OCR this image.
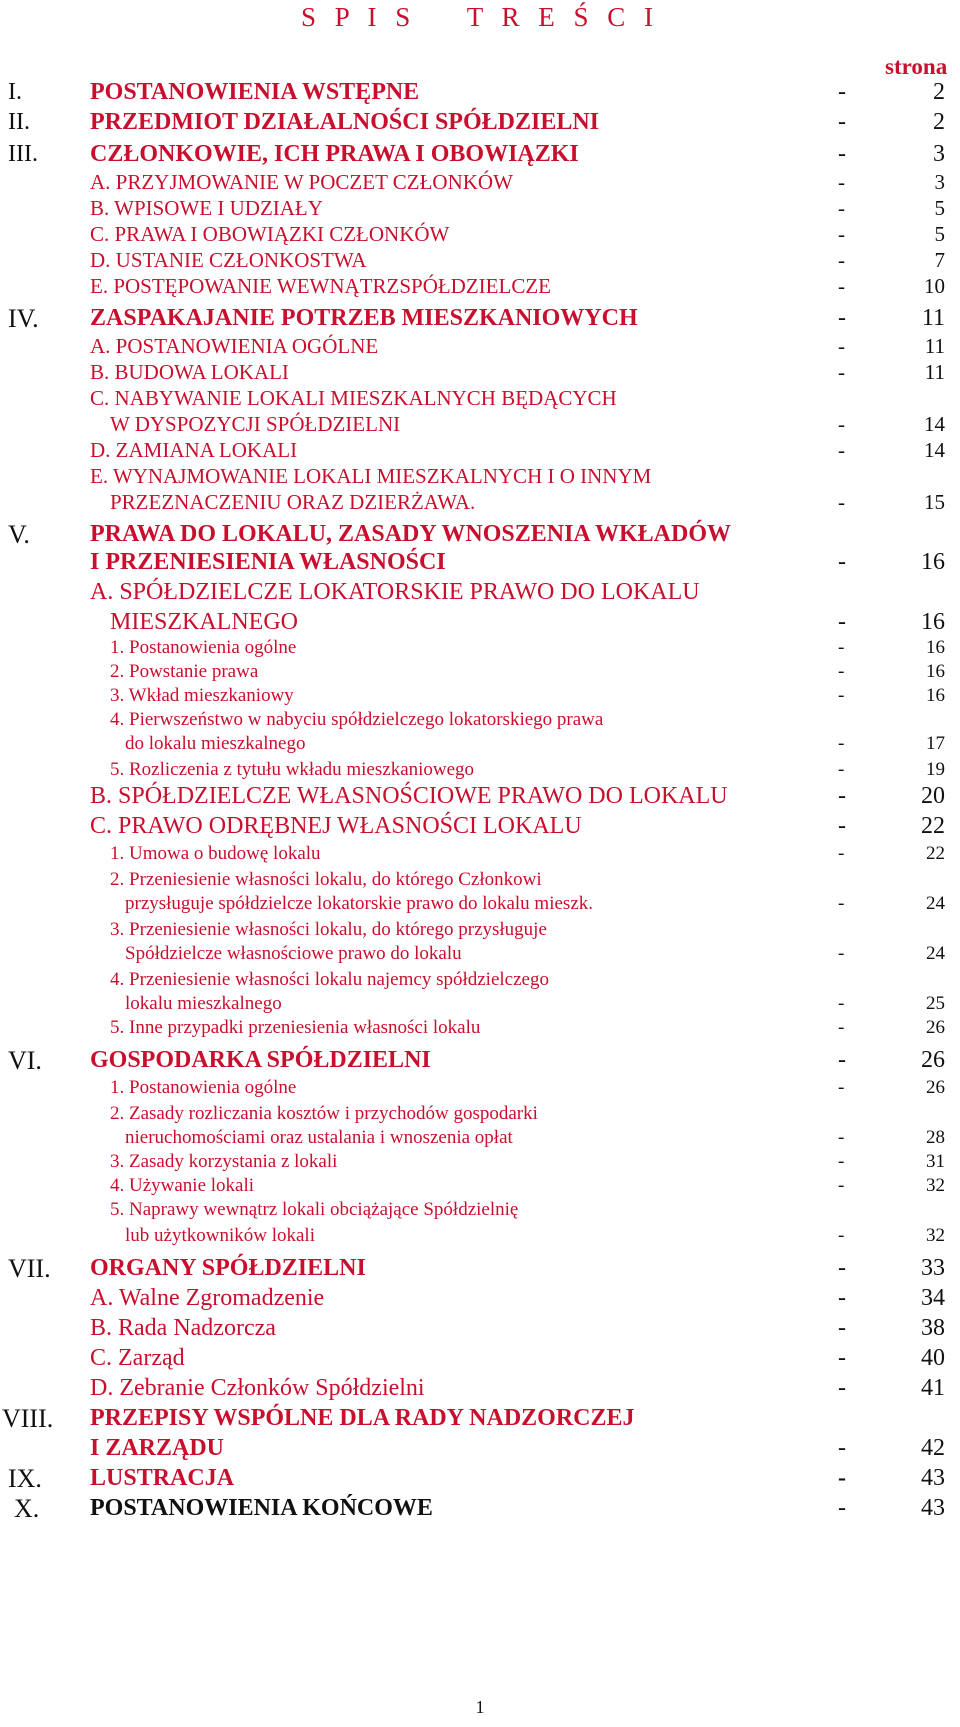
S P I S    T R E Ś C I
strona
I.	POSTANOWIENIA WSTĘPNE	-	2
II.	PRZEDMIOT DZIAŁALNOŚCI SPÓŁDZIELNI	-	2
III. CZŁONKOWIE, ICH PRAWA I OBOWIĄZKI	-	3
A. PRZYJMOWANIE W POCZET CZŁONKÓW	-	3
B. WPISOWE I UDZIAŁY	-	5
C. PRAWA I OBOWIĄZKI CZŁONKÓW	-	5
D. USTANIE CZŁONKOSTWA	-	7
E. POSTĘPOWANIE WEWNĄTRZSPÓŁDZIELCZE	-	10
IV. ZASPAKAJANIE POTRZEB MIESZKANIOWYCH	-	11
A. POSTANOWIENIA OGÓLNE	-	11
B. BUDOWA LOKALI	-	11
C. NABYWANIE LOKALI MIESZKALNYCH BĘDĄCYCH
W DYSPOZYCJI SPÓŁDZIELNI	-	14
D. ZAMIANA LOKALI	-	14
E. WYNAJMOWANIE LOKALI MIESZKALNYCH I O INNYM
PRZEZNACZENIU ORAZ DZIERŻAWA.	-	15
V.	PRAWA DO LOKALU, ZASADY WNOSZENIA WKŁADÓW
I PRZENIESIENIA WŁASNOŚCI	-	16
A. SPÓŁDZIELCZE LOKATORSKIE PRAWO DO LOKALU
MIESZKALNEGO	-	16
1. Postanowienia ogólne	-	16
2. Powstanie prawa	-	16
3. Wkład mieszkaniowy	-	16
4. Pierwszeństwo w nabyciu spółdzielczego lokatorskiego prawa
do lokalu mieszkalnego	-	17
5. Rozliczenia z tytułu wkładu mieszkaniowego	-	19
B. SPÓŁDZIELCZE WŁASNOŚCIOWE PRAWO DO LOKALU	-	20
C. PRAWO ODRĘBNEJ WŁASNOŚCI LOKALU	-	22
1. Umowa o budowę lokalu	-	22
2. Przeniesienie własności lokalu, do którego Członkowi
przysługuje spółdzielcze lokatorskie prawo do lokalu mieszk.	-	24
3. Przeniesienie własności lokalu, do którego przysługuje
Spółdzielcze własnościowe prawo do lokalu	-	24
4. Przeniesienie własności lokalu najemcy spółdzielczego
lokalu mieszkalnego	-	25
5. Inne przypadki przeniesienia własności lokalu	-	26
VI. GOSPODARKA SPÓŁDZIELNI	-	26
1. Postanowienia ogólne	-	26
2. Zasady rozliczania kosztów i przychodów gospodarki
nieruchomościami oraz ustalania i wnoszenia opłat	-	28
3. Zasady korzystania z lokali	-	31
4. Używanie lokali	-	32
5. Naprawy wewnątrz lokali obciążające Spółdzielnię
lub użytkowników lokali	-	32
VII. ORGANY SPÓŁDZIELNI	-	33
A. Walne Zgromadzenie	-	34
B. Rada Nadzorcza	-	38
C. Zarząd	-	40
D. Zebranie Członków Spółdzielni	-	41
VIII. PRZEPISY WSPÓLNE DLA RADY NADZORCZEJ
I ZARZĄDU	-	42
IX. LUSTRACJA	-	43
X. POSTANOWIENIA KOŃCOWE	-	43
1
